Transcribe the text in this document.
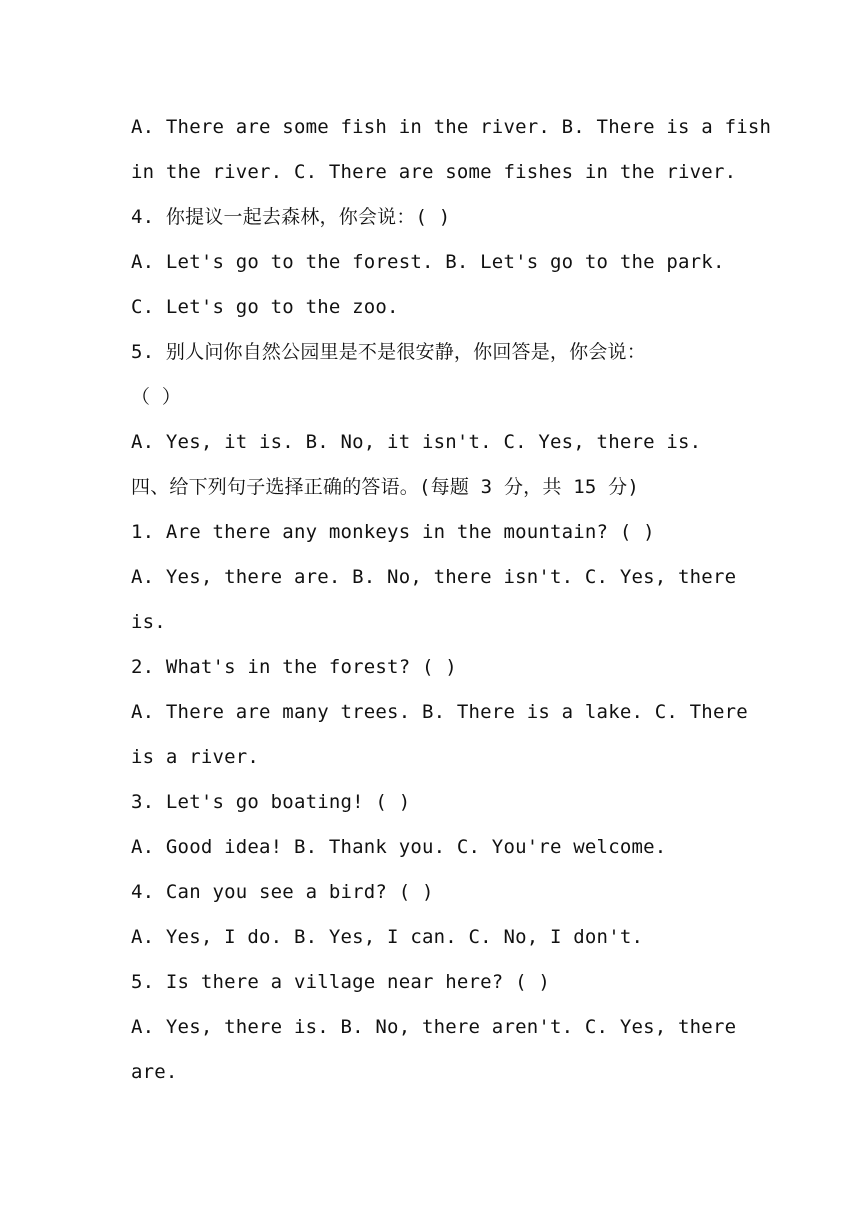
A. There are some fish in the river. B. There is a fish
in the river. C. There are some fishes in the river.
4. 你提议一起去森林，你会说：( )
A. Let's go to the forest. B. Let's go to the park.
C. Let's go to the zoo.
5. 别人问你自然公园里是不是很安静，你回答是，你会说：
（ ）
A. Yes, it is. B. No, it isn't. C. Yes, there is.
四、给下列句子选择正确的答语。(每题 3 分，共 15 分)
1. Are there any monkeys in the mountain? ( )
A. Yes, there are. B. No, there isn't. C. Yes, there
is.
2. What's in the forest? ( )
A. There are many trees. B. There is a lake. C. There
is a river.
3. Let's go boating! ( )
A. Good idea! B. Thank you. C. You're welcome.
4. Can you see a bird? ( )
A. Yes, I do. B. Yes, I can. C. No, I don't.
5. Is there a village near here? ( )
A. Yes, there is. B. No, there aren't. C. Yes, there
are.
